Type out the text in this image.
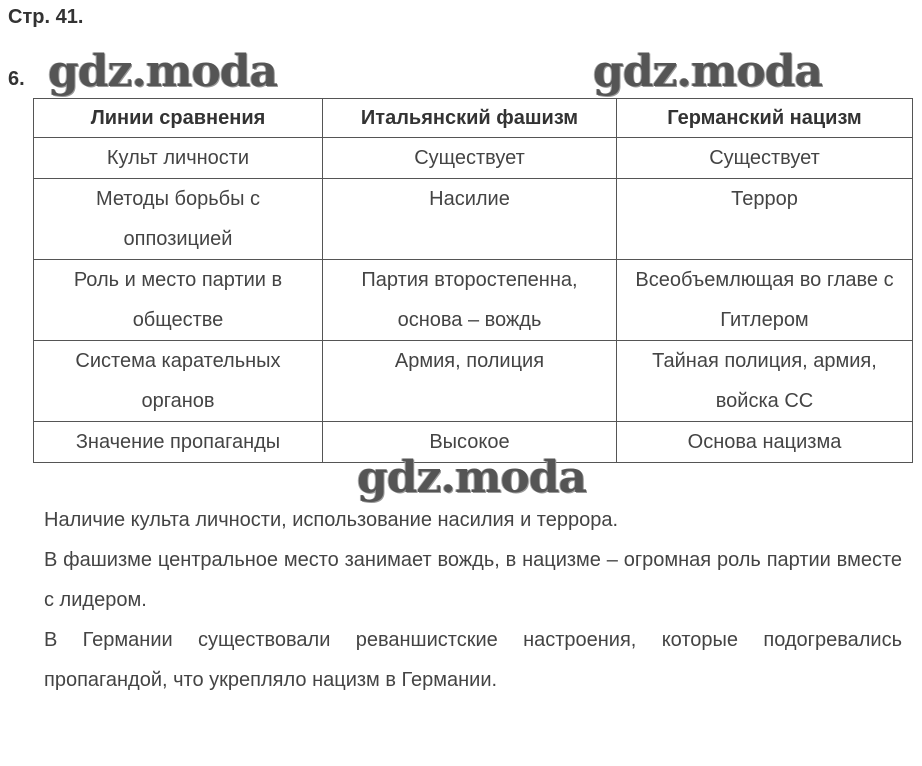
Стр. 41.
6. gdz.moda	gdz.moda
Линии сравнения	Итальянский фашизм	Германский нацизм
Культ личности	Существует	Существует
Методы борьбы с оппозицией	Насилие	Террор
Роль и место партии в обществе	Партия второстепенна, основа – вождь	Всеобъемлющая во главе с Гитлером
Система карательных органов	Армия, полиция	Тайная полиция, армия, войска СС
Значение пропаганды	Высокое	Основа нацизма
gdz.moda

Наличие культа личности, использование насилия и террора.

В фашизме центральное место занимает вождь, в нацизме – огромная роль партии вместе с лидером.

В Германии существовали реваншистские настроения, которые подогревались пропагандой, что укрепляло нацизм в Германии.
